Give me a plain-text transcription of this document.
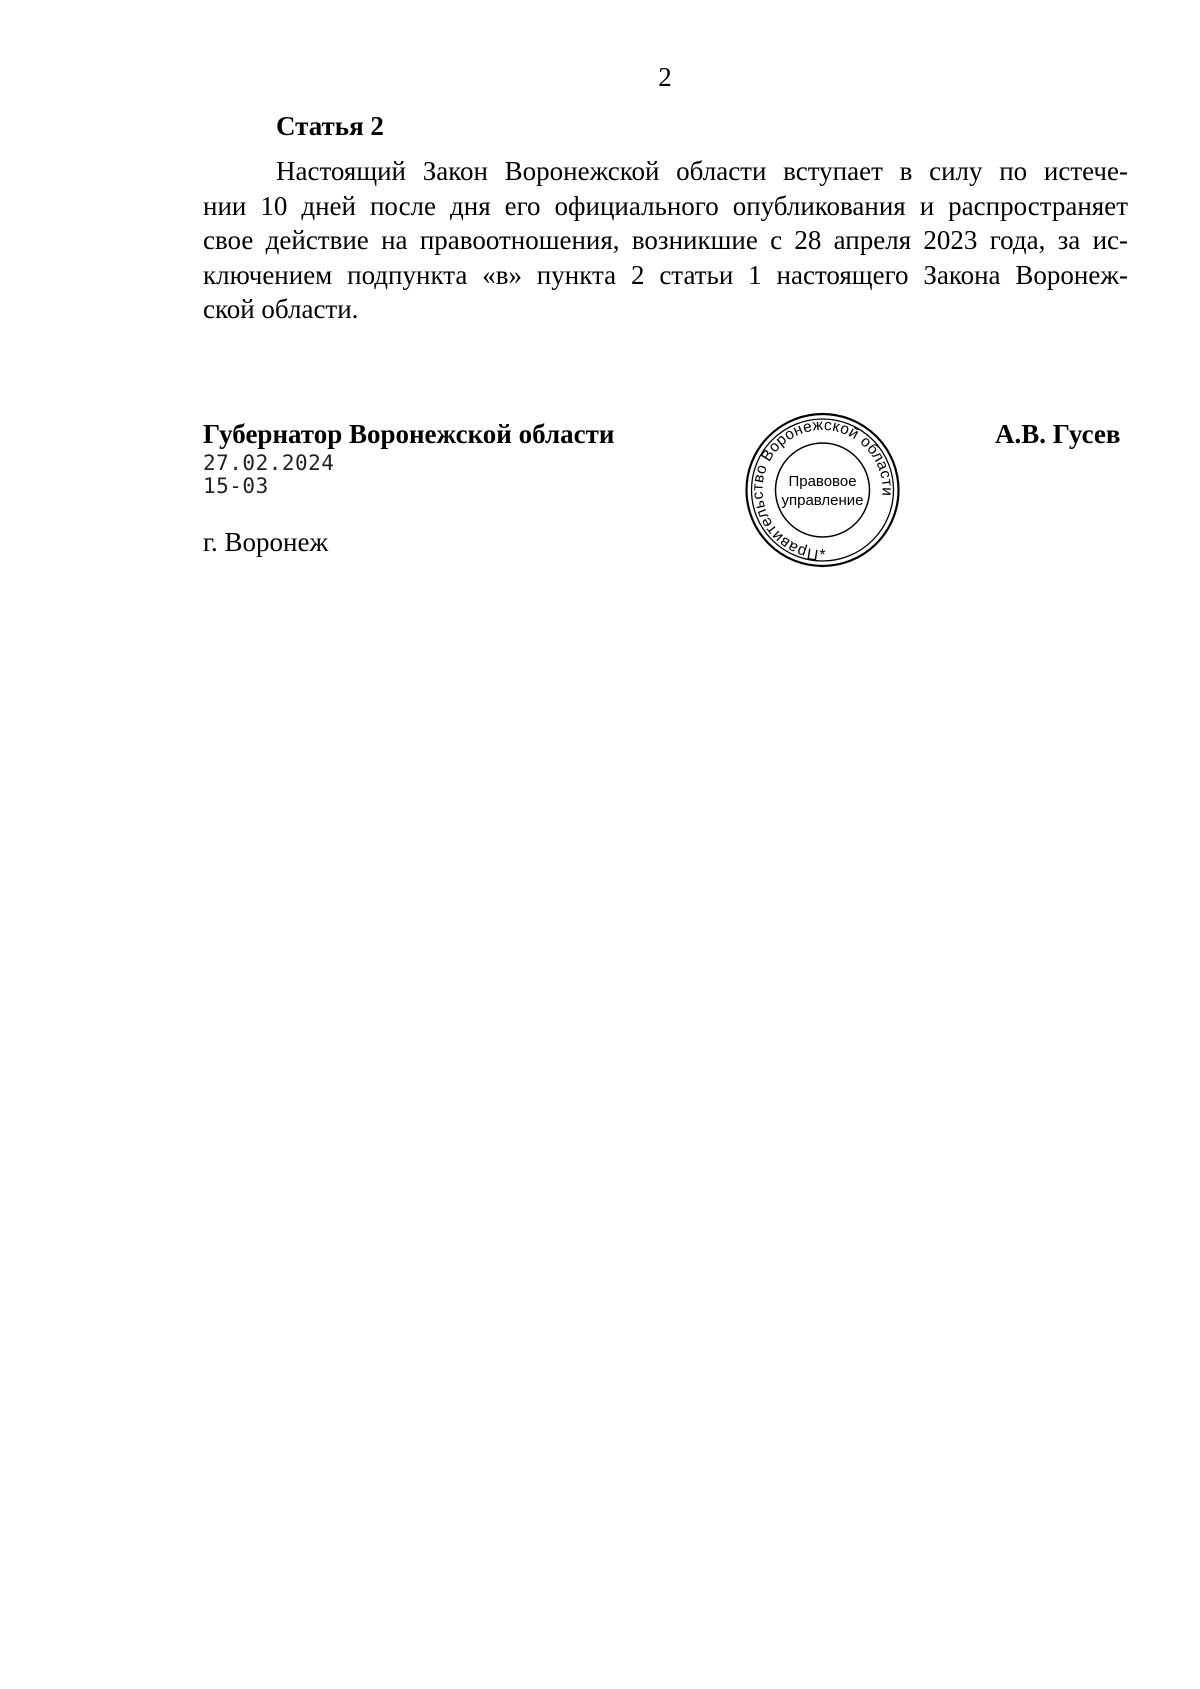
2
Статья 2
Настоящий Закон Воронежской области вступает в силу по истече-
нии 10 дней после дня его официального опубликования и распространяет
свое действие на правоотношения, возникшие с 28 апреля 2023 года, за ис-
ключением подпункта «в» пункта 2 статьи 1 настоящего Закона Воронеж-
ской области.
Губернатор Воронежской области	А.В. Гусев
27.02.2024
15-03
г. Воронеж	Правительство Воронежской области
Правовое
управление
*
